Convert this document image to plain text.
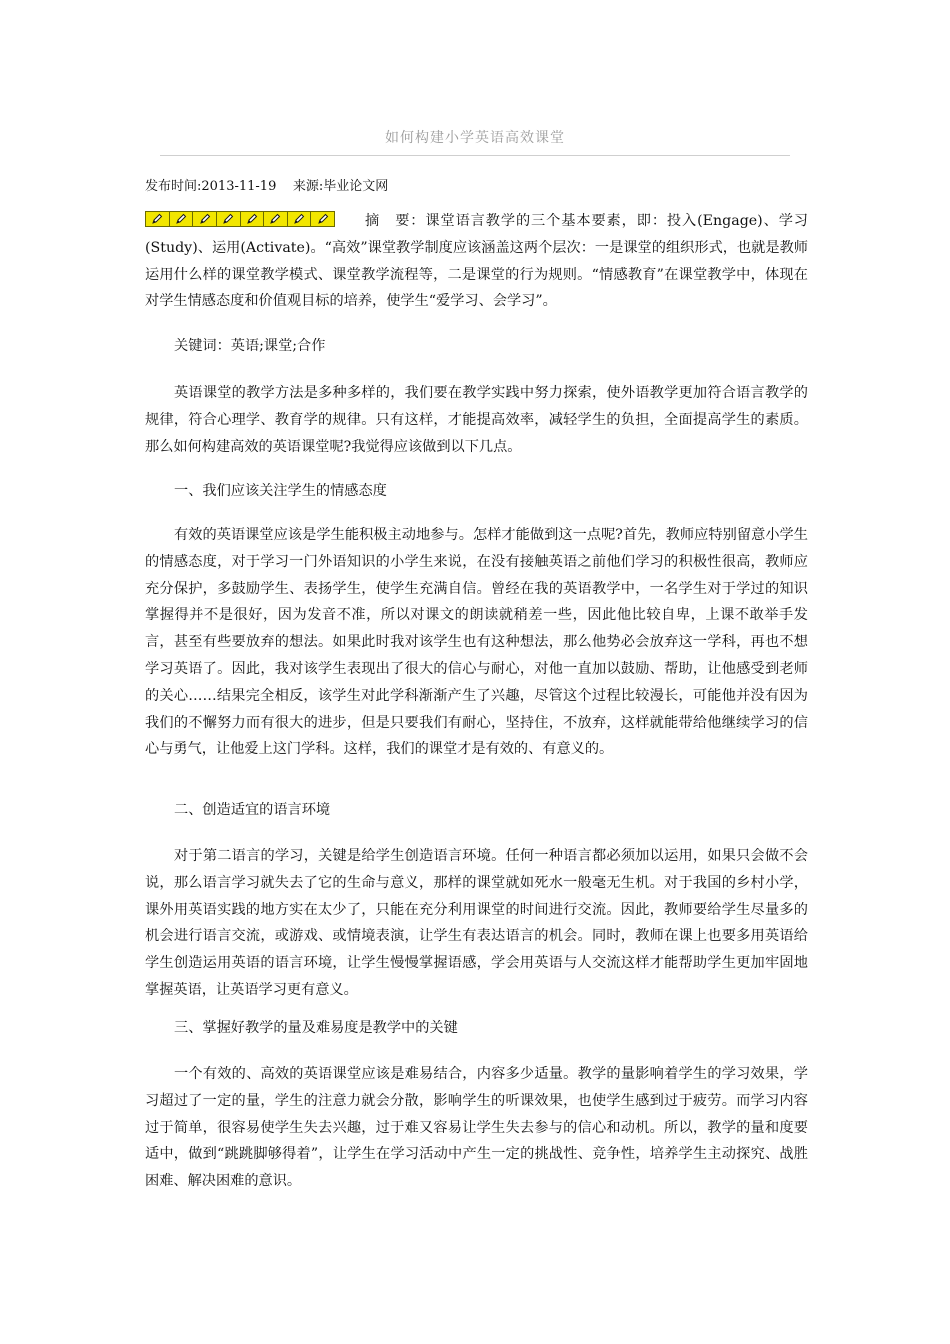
如何构建小学英语高效课堂
发布时间:2013-11-19 来源:毕业论文网
摘　要：课堂语言教学的三个基本要素，即：投入(Engage)、学习(Study)、运用(Activate)。“高效”课堂教学制度应该涵盖这两个层次：一是课堂的组织形式，也就是教师运用什么样的课堂教学模式、课堂教学流程等，二是课堂的行为规则。“情感教育”在课堂教学中，体现在对学生情感态度和价值观目标的培养，使学生“爱学习、会学习”。
关键词：英语;课堂;合作
英语课堂的教学方法是多种多样的，我们要在教学实践中努力探索，使外语教学更加符合语言教学的规律，符合心理学、教育学的规律。只有这样，才能提高效率，减轻学生的负担，全面提高学生的素质。那么如何构建高效的英语课堂呢?我觉得应该做到以下几点。
一、我们应该关注学生的情感态度
有效的英语课堂应该是学生能积极主动地参与。怎样才能做到这一点呢?首先，教师应特别留意小学生的情感态度，对于学习一门外语知识的小学生来说，在没有接触英语之前他们学习的积极性很高，教师应充分保护，多鼓励学生、表扬学生，使学生充满自信。曾经在我的英语教学中，一名学生对于学过的知识掌握得并不是很好，因为发音不准，所以对课文的朗读就稍差一些，因此他比较自卑，上课不敢举手发言，甚至有些要放弃的想法。如果此时我对该学生也有这种想法，那么他势必会放弃这一学科，再也不想学习英语了。因此，我对该学生表现出了很大的信心与耐心，对他一直加以鼓励、帮助，让他感受到老师的关心……结果完全相反，该学生对此学科渐渐产生了兴趣，尽管这个过程比较漫长，可能他并没有因为我们的不懈努力而有很大的进步，但是只要我们有耐心，坚持住，不放弃，这样就能带给他继续学习的信心与勇气，让他爱上这门学科。这样，我们的课堂才是有效的、有意义的。
二、创造适宜的语言环境
对于第二语言的学习，关键是给学生创造语言环境。任何一种语言都必须加以运用，如果只会做不会说，那么语言学习就失去了它的生命与意义，那样的课堂就如死水一般毫无生机。对于我国的乡村小学，课外用英语实践的地方实在太少了，只能在充分利用课堂的时间进行交流。因此，教师要给学生尽量多的机会进行语言交流，或游戏、或情境表演，让学生有表达语言的机会。同时，教师在课上也要多用英语给学生创造运用英语的语言环境，让学生慢慢掌握语感，学会用英语与人交流这样才能帮助学生更加牢固地掌握英语，让英语学习更有意义。
三、掌握好教学的量及难易度是教学中的关键
一个有效的、高效的英语课堂应该是难易结合，内容多少适量。教学的量影响着学生的学习效果，学习超过了一定的量，学生的注意力就会分散，影响学生的听课效果，也使学生感到过于疲劳。而学习内容过于简单，很容易使学生失去兴趣，过于难又容易让学生失去参与的信心和动机。所以，教学的量和度要适中，做到“跳跳脚够得着”，让学生在学习活动中产生一定的挑战性、竞争性，培养学生主动探究、战胜困难、解决困难的意识。
